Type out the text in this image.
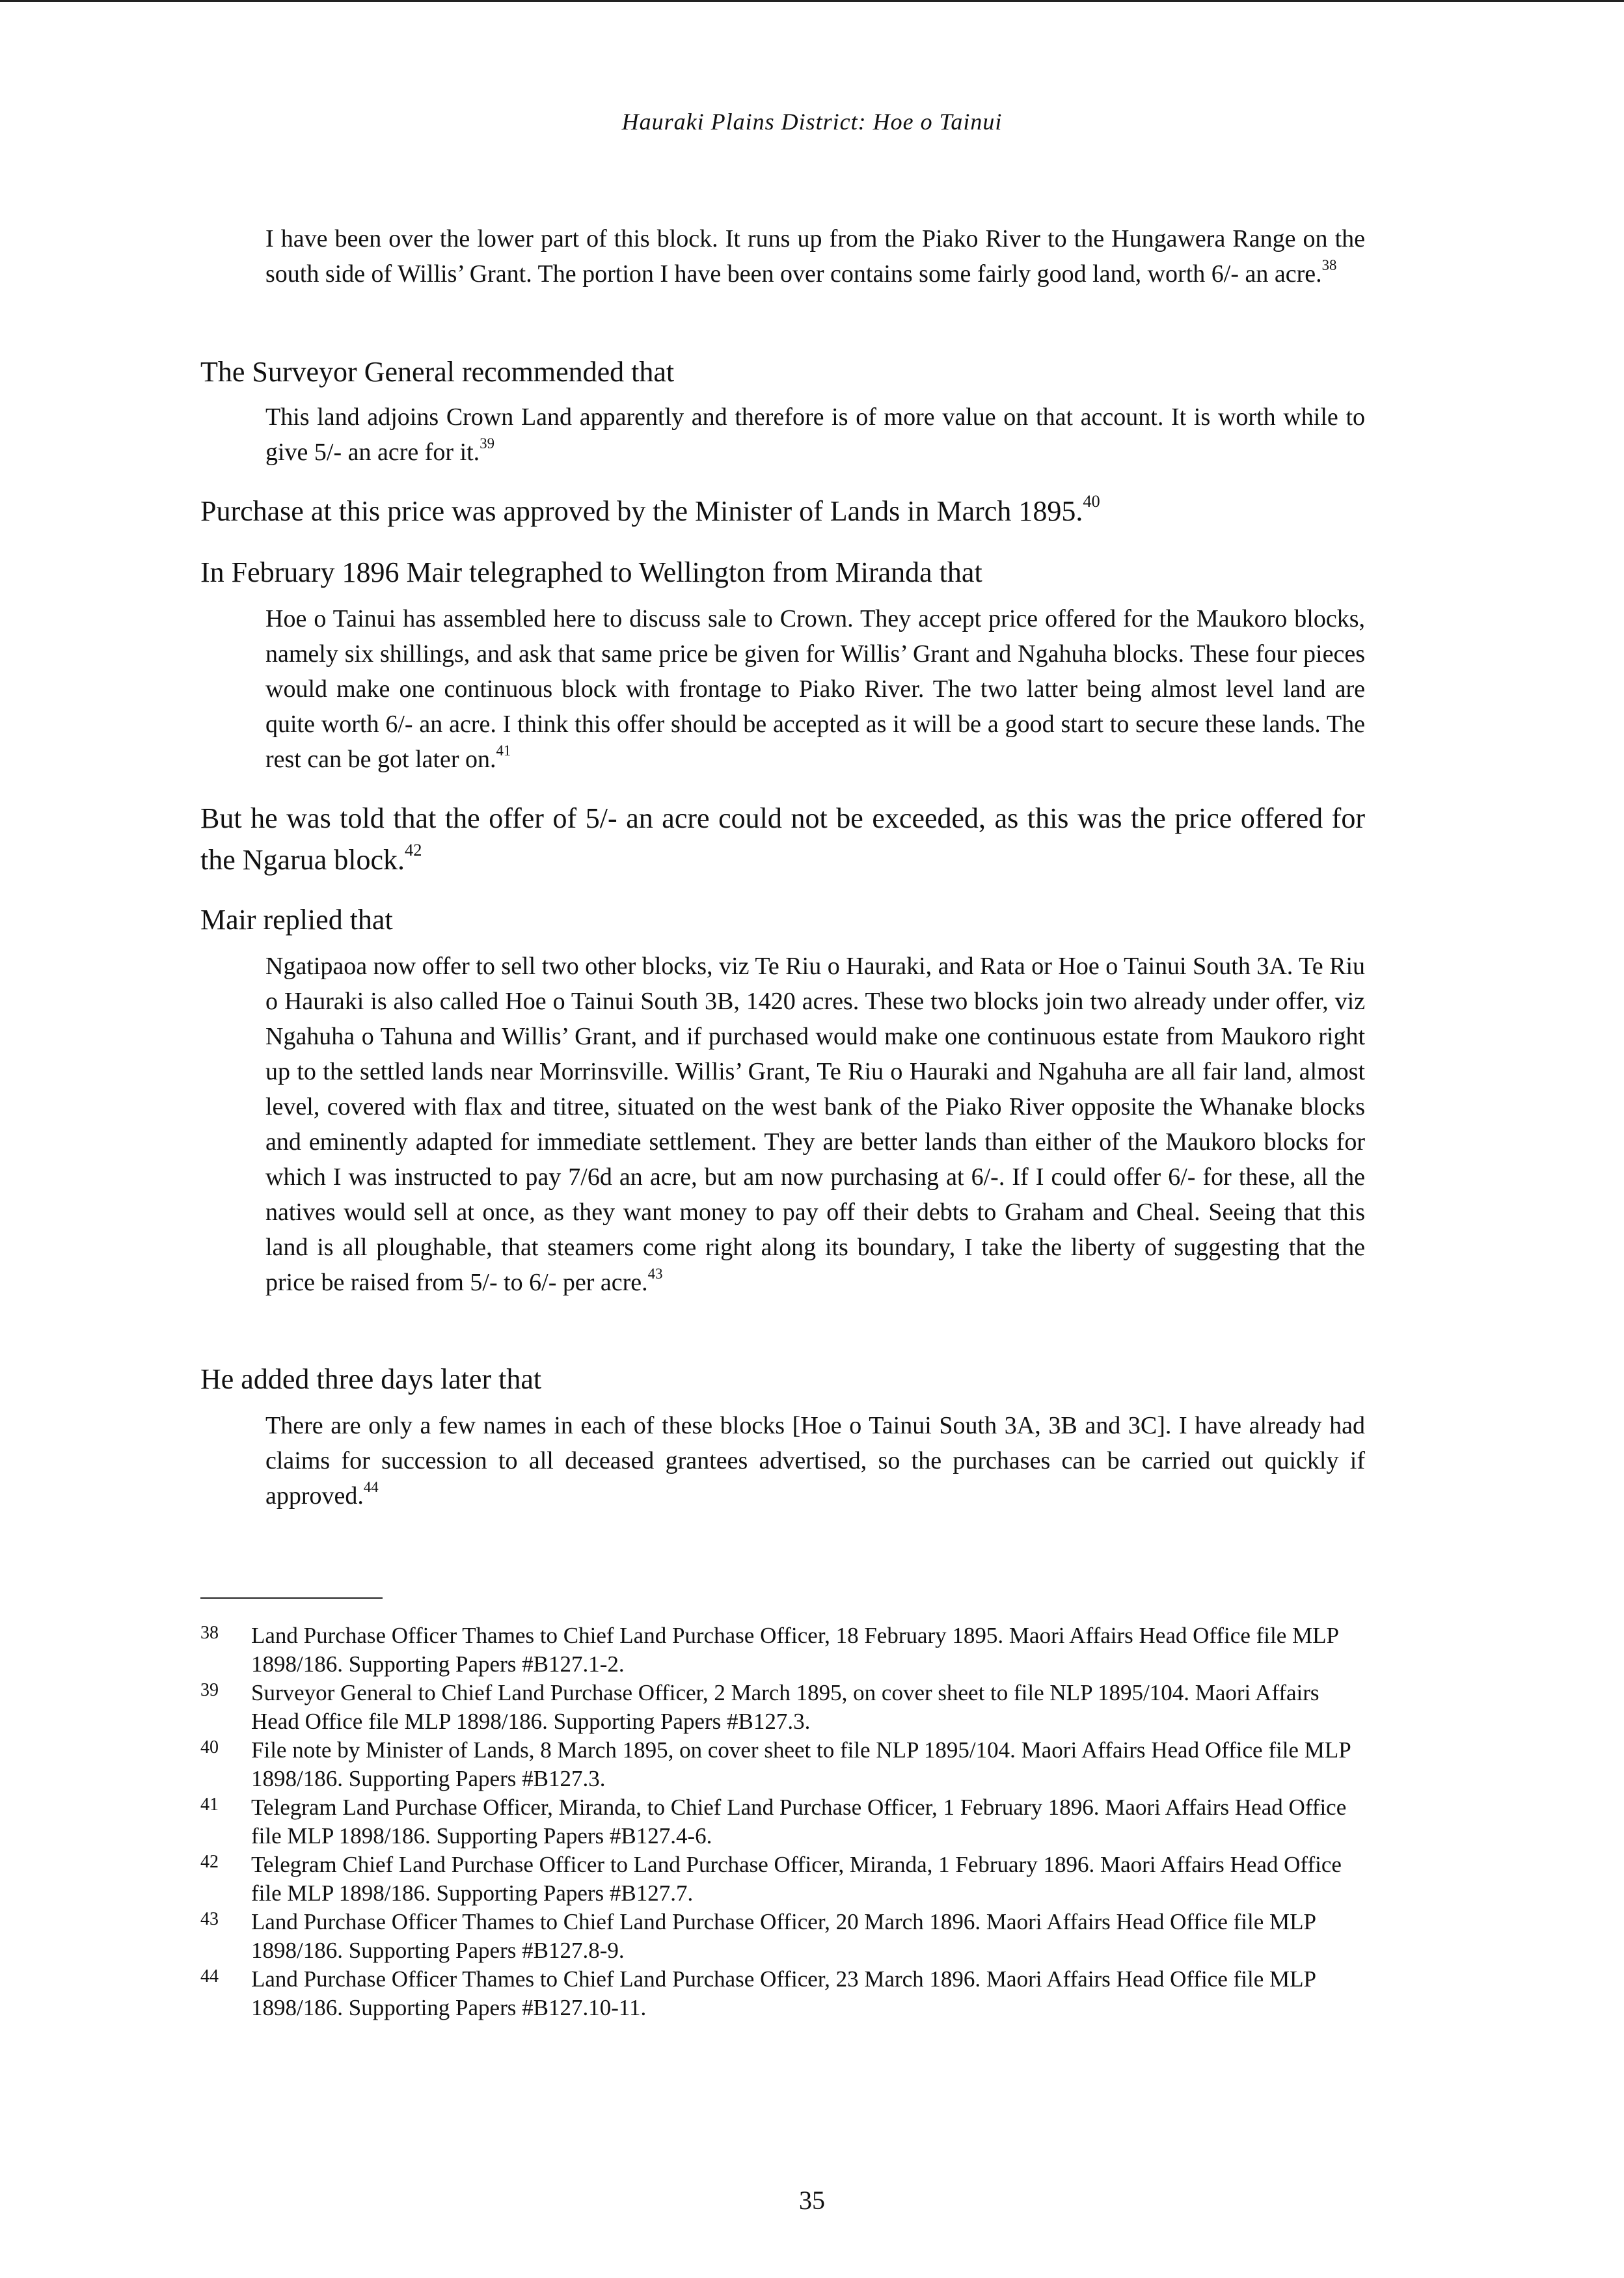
Hauraki Plains District: Hoe o Tainui

I have been over the lower part of this block. It runs up from the Piako River to the Hungawera Range on the south side of Willis’ Grant. The portion I have been over contains some fairly good land, worth 6/- an acre.$^{38}$

The Surveyor General recommended that

This land adjoins Crown Land apparently and therefore is of more value on that account. It is worth while to give 5/- an acre for it.$^{39}$

Purchase at this price was approved by the Minister of Lands in March 1895.40

In February 1896 Mair telegraphed to Wellington from Miranda that

Hoe o Tainui has assembled here to discuss sale to Crown. They accept price offered for the Maukoro blocks, namely six shillings, and ask that same price be given for Willis’ Grant and Ngahuha blocks. These four pieces would make one continuous block with frontage to Piako River. The two latter being almost level land are quite worth 6/- an acre. I think this offer should be accepted as it will be a good start to secure these lands. The rest can be got later on.$^{41}$

But he was told that the offer of 5/- an acre could not be exceeded, as this was the price offered for the Ngarua block.$^{42}$

Mair replied that

Ngatipaoa now offer to sell two other blocks, viz Te Riu o Hauraki, and Rata or Hoe o Tainui South 3A. Te Riu o Hauraki is also called Hoe o Tainui South 3B, 1420 acres. These two blocks join two already under offer, viz Ngahuha o Tahuna and Willis’ Grant, and if purchased would make one continuous estate from Maukoro right up to the settled lands near Morrinsville. Willis’ Grant, Te Riu o Hauraki and Ngahuha are all fair land, almost level, covered with flax and titree, situated on the west bank of the Piako River opposite the Whanake blocks and eminently adapted for immediate settlement. They are better lands than either of the Maukoro blocks for which I was instructed to pay 7/6d an acre, but am now purchasing at 6/-. If I could offer 6/- for these, all the natives would sell at once, as they want money to pay off their debts to Graham and Cheal. Seeing that this land is all ploughable, that steamers come right along its boundary, I take the liberty of suggesting that the price be raised from 5/- to 6/- per acre.$^{43}$

He added three days later that

There are only a few names in each of these blocks [Hoe o Tainui South 3A, 3B and 3C]. I have already had claims for succession to all deceased grantees advertised, so the purchases can be carried out quickly if approved.$^{44}$

38 Land Purchase Officer Thames to Chief Land Purchase Officer, 18 February 1895. Maori Affairs Head Office file MLP 1898/186. Supporting Papers #B127.1-2.
39 Surveyor General to Chief Land Purchase Officer, 2 March 1895, on cover sheet to file NLP 1895/104. Maori Affairs Head Office file MLP 1898/186. Supporting Papers #B127.3.
40 File note by Minister of Lands, 8 March 1895, on cover sheet to file NLP 1895/104. Maori Affairs Head Office file MLP 1898/186. Supporting Papers #B127.3.
41 Telegram Land Purchase Officer, Miranda, to Chief Land Purchase Officer, 1 February 1896. Maori Affairs Head Office file MLP 1898/186. Supporting Papers #B127.4-6.
42 Telegram Chief Land Purchase Officer to Land Purchase Officer, Miranda, 1 February 1896. Maori Affairs Head Office file MLP 1898/186. Supporting Papers #B127.7.
43 Land Purchase Officer Thames to Chief Land Purchase Officer, 20 March 1896. Maori Affairs Head Office file MLP 1898/186. Supporting Papers #B127.8-9.
44 Land Purchase Officer Thames to Chief Land Purchase Officer, 23 March 1896. Maori Affairs Head Office file MLP 1898/186. Supporting Papers #B127.10-11.
35
